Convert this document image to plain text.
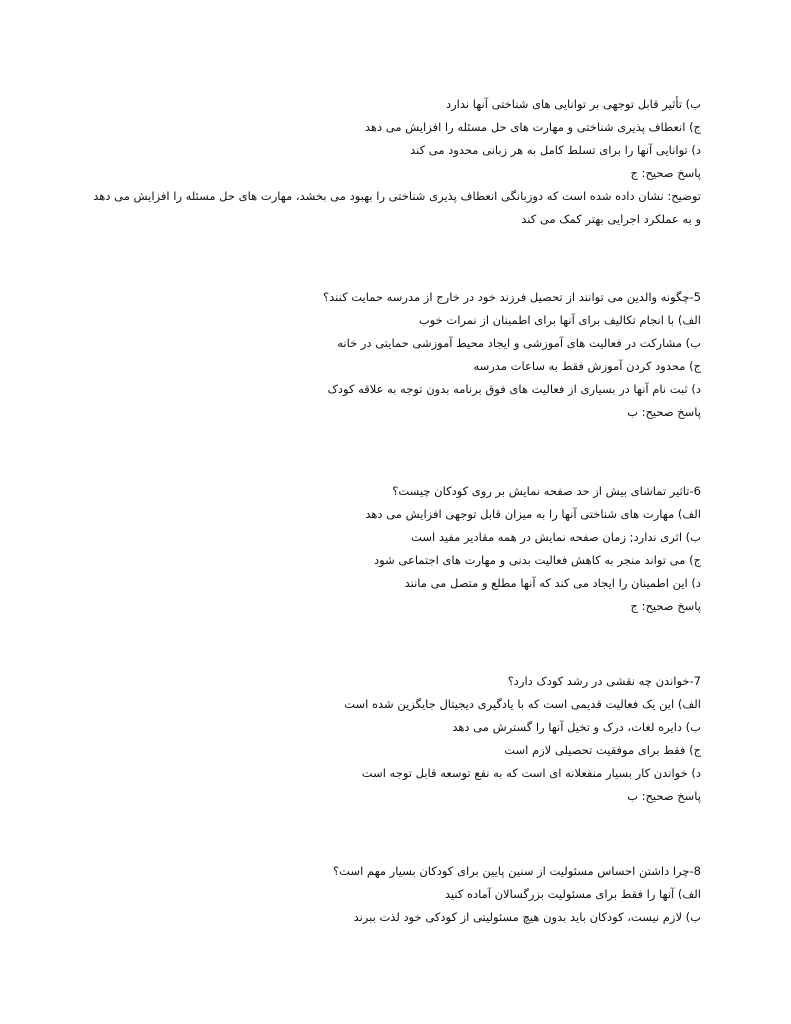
ب) تأثیر قابل توجهی بر توانایی های شناختی آنها ندارد
ج) انعطاف پذیری شناختی و مهارت های حل مسئله را افزایش می دهد
د) توانایی آنها را برای تسلط کامل به هر زبانی محدود می کند
پاسخ صحیح: ج
توضیح: نشان داده شده است که دوزبانگی انعطاف پذیری شناختی را بهبود می بخشد، مهارت های حل مسئله را افزایش می دهد
و به عملکرد اجرایی بهتر کمک می کند
5-چگونه والدین می توانند از تحصیل فرزند خود در خارج از مدرسه حمایت کنند؟
الف) با انجام تکالیف برای آنها برای اطمینان از نمرات خوب
ب) مشارکت در فعالیت های آموزشی و ایجاد محیط آموزشی حمایتی در خانه
ج) محدود کردن آموزش فقط به ساعات مدرسه
د) ثبت نام آنها در بسیاری از فعالیت های فوق برنامه بدون توجه به علاقه کودک
پاسخ صحیح: ب
6-تاثیر تماشای بیش از حد صفحه نمایش بر روی کودکان چیست؟
الف) مهارت های شناختی آنها را به میزان قابل توجهی افزایش می دهد
ب) اثری ندارد; زمان صفحه نمایش در همه مقادیر مفید است
ج) می تواند منجر به کاهش فعالیت بدنی و مهارت های اجتماعی شود
د) این اطمینان را ایجاد می کند که آنها مطلع و متصل می مانند
پاسخ صحیح: ج
7-خواندن چه نقشی در رشد کودک دارد؟
الف) این یک فعالیت قدیمی است که با یادگیری دیجیتال جایگزین شده است
ب) دایره لغات، درک و تخیل آنها را گسترش می دهد
ج) فقط برای موفقیت تحصیلی لازم است
د) خواندن کار بسیار منفعلانه ای است که به نفع توسعه قابل توجه است
پاسخ صحیح: ب
8-چرا داشتن احساس مسئولیت از سنین پایین برای کودکان بسیار مهم است؟
الف) آنها را فقط برای مسئولیت بزرگسالان آماده کنید
ب) لازم نیست، کودکان باید بدون هیچ مسئولیتی از کودکی خود لذت ببرند
